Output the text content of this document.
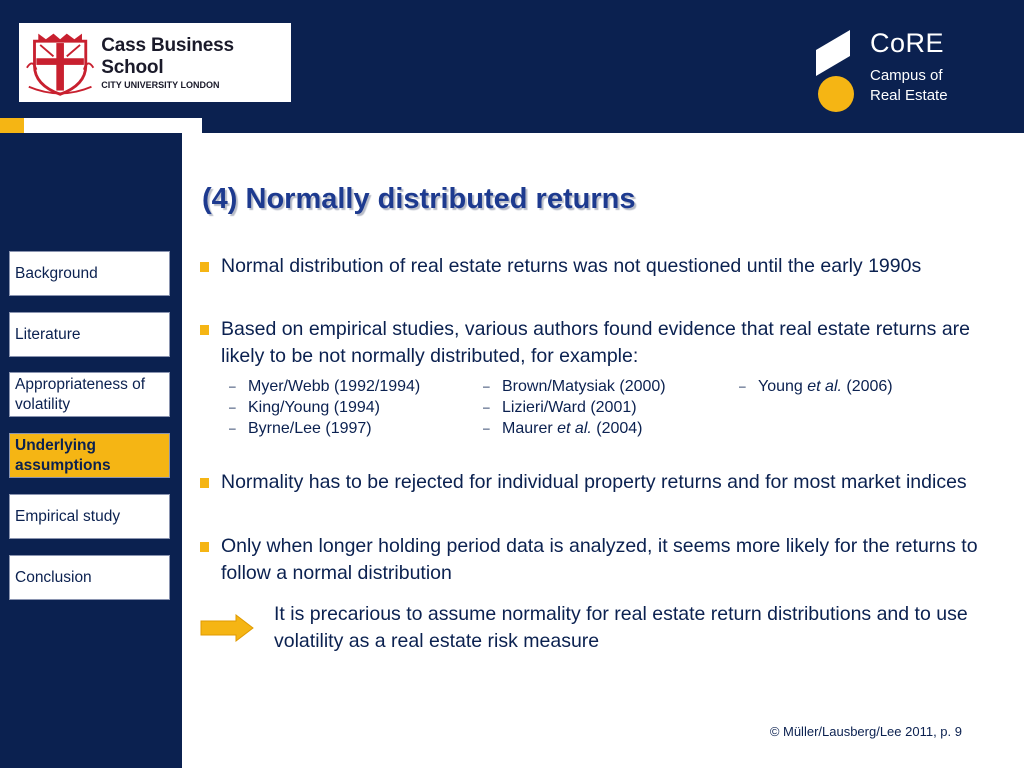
Cass Business School
CITY UNIVERSITY LONDON
CoRE
Campus of
Real Estate
Background
Literature
Appropriateness of volatility
Underlying assumptions
Empirical study
Conclusion
(4) Normally distributed returns
Normal distribution of real estate returns was not questioned until the early 1990s
Based on empirical studies, various authors found evidence that real estate returns are likely to be not normally distributed, for example:
– Myer/Webb (1992/1994)
– King/Young (1994)
– Byrne/Lee (1997)
– Brown/Matysiak (2000)
– Lizieri/Ward (2001)
– Maurer et al. (2004)
– Young et al. (2006)
Normality has to be rejected for individual property returns and for most market indices
Only when longer holding period data is analyzed, it seems more likely for the returns to follow a normal distribution
It is precarious to assume normality for real estate return distributions and to use volatility as a real estate risk measure
© Müller/Lausberg/Lee 2011, p. 9
